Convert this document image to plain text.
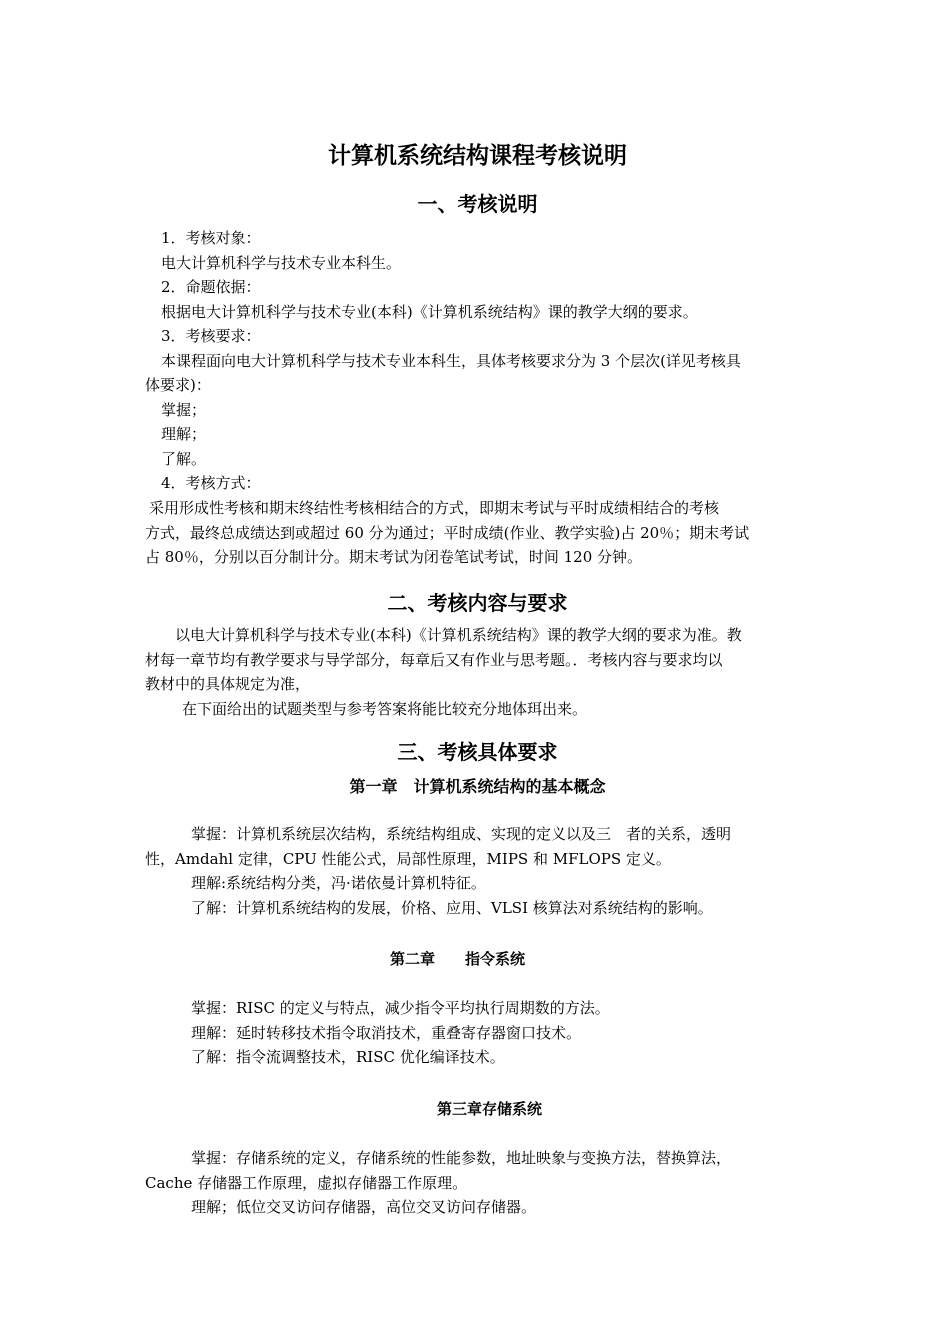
计算机系统结构课程考核说明
一、考核说明
1．考核对象：
电大计算机科学与技术专业本科生。
2．命题依据：
根据电大计算机科学与技术专业(本科)《计算机系统结构》课的教学大纲的要求。
3．考核要求：
本课程面向电大计算机科学与技术专业本科生，具体考核要求分为 3 个层次(详见考核具
体要求)：
掌握；
理解；
了解。
4．考核方式：
采用形成性考核和期末终结性考核相结合的方式，即期末考试与平时成绩相结合的考核
方式，最终总成绩达到或超过 60 分为通过；平时成绩(作业、教学实验)占 20％；期末考试
占 80％，分别以百分制计分。期末考试为闭卷笔试考试，时间 120 分钟。
二、考核内容与要求
以电大计算机科学与技术专业(本科)《计算机系统结构》课的教学大纲的要求为准。教
材每一章节均有教学要求与导学部分，每章后又有作业与思考题。．考核内容与要求均以
教材中的具体规定为准，
在下面给出的试题类型与参考答案将能比较充分地体珥出来。
三、考核具体要求
第一章　计算机系统结构的基本概念
掌握：计算机系统层次结构，系统结构组成、实现的定义以及三　者的关系，透明
性，Amdahl 定律，CPU 性能公式，局部性原理，MIPS 和 MFLOPS 定义。
理解:系统结构分类，冯·诺依曼计算机特征。
了解：计算机系统结构的发展，价格、应用、VLSI 核算法对系统结构的影响。
第二章　　指令系统
掌握：RISC 的定义与特点，减少指令平均执行周期数的方法。
理解：延时转移技术指令取消技术，重叠寄存器窗口技术。
了解：指令流调整技术，RISC 优化编译技术。
第三章存储系统
掌握：存储系统的定义，存储系统的性能参数，地址映象与变换方法，替换算法，
Cache 存储器工作原理，虚拟存储器工作原理。
理解；低位交叉访问存储器，高位交叉访问存储器。
